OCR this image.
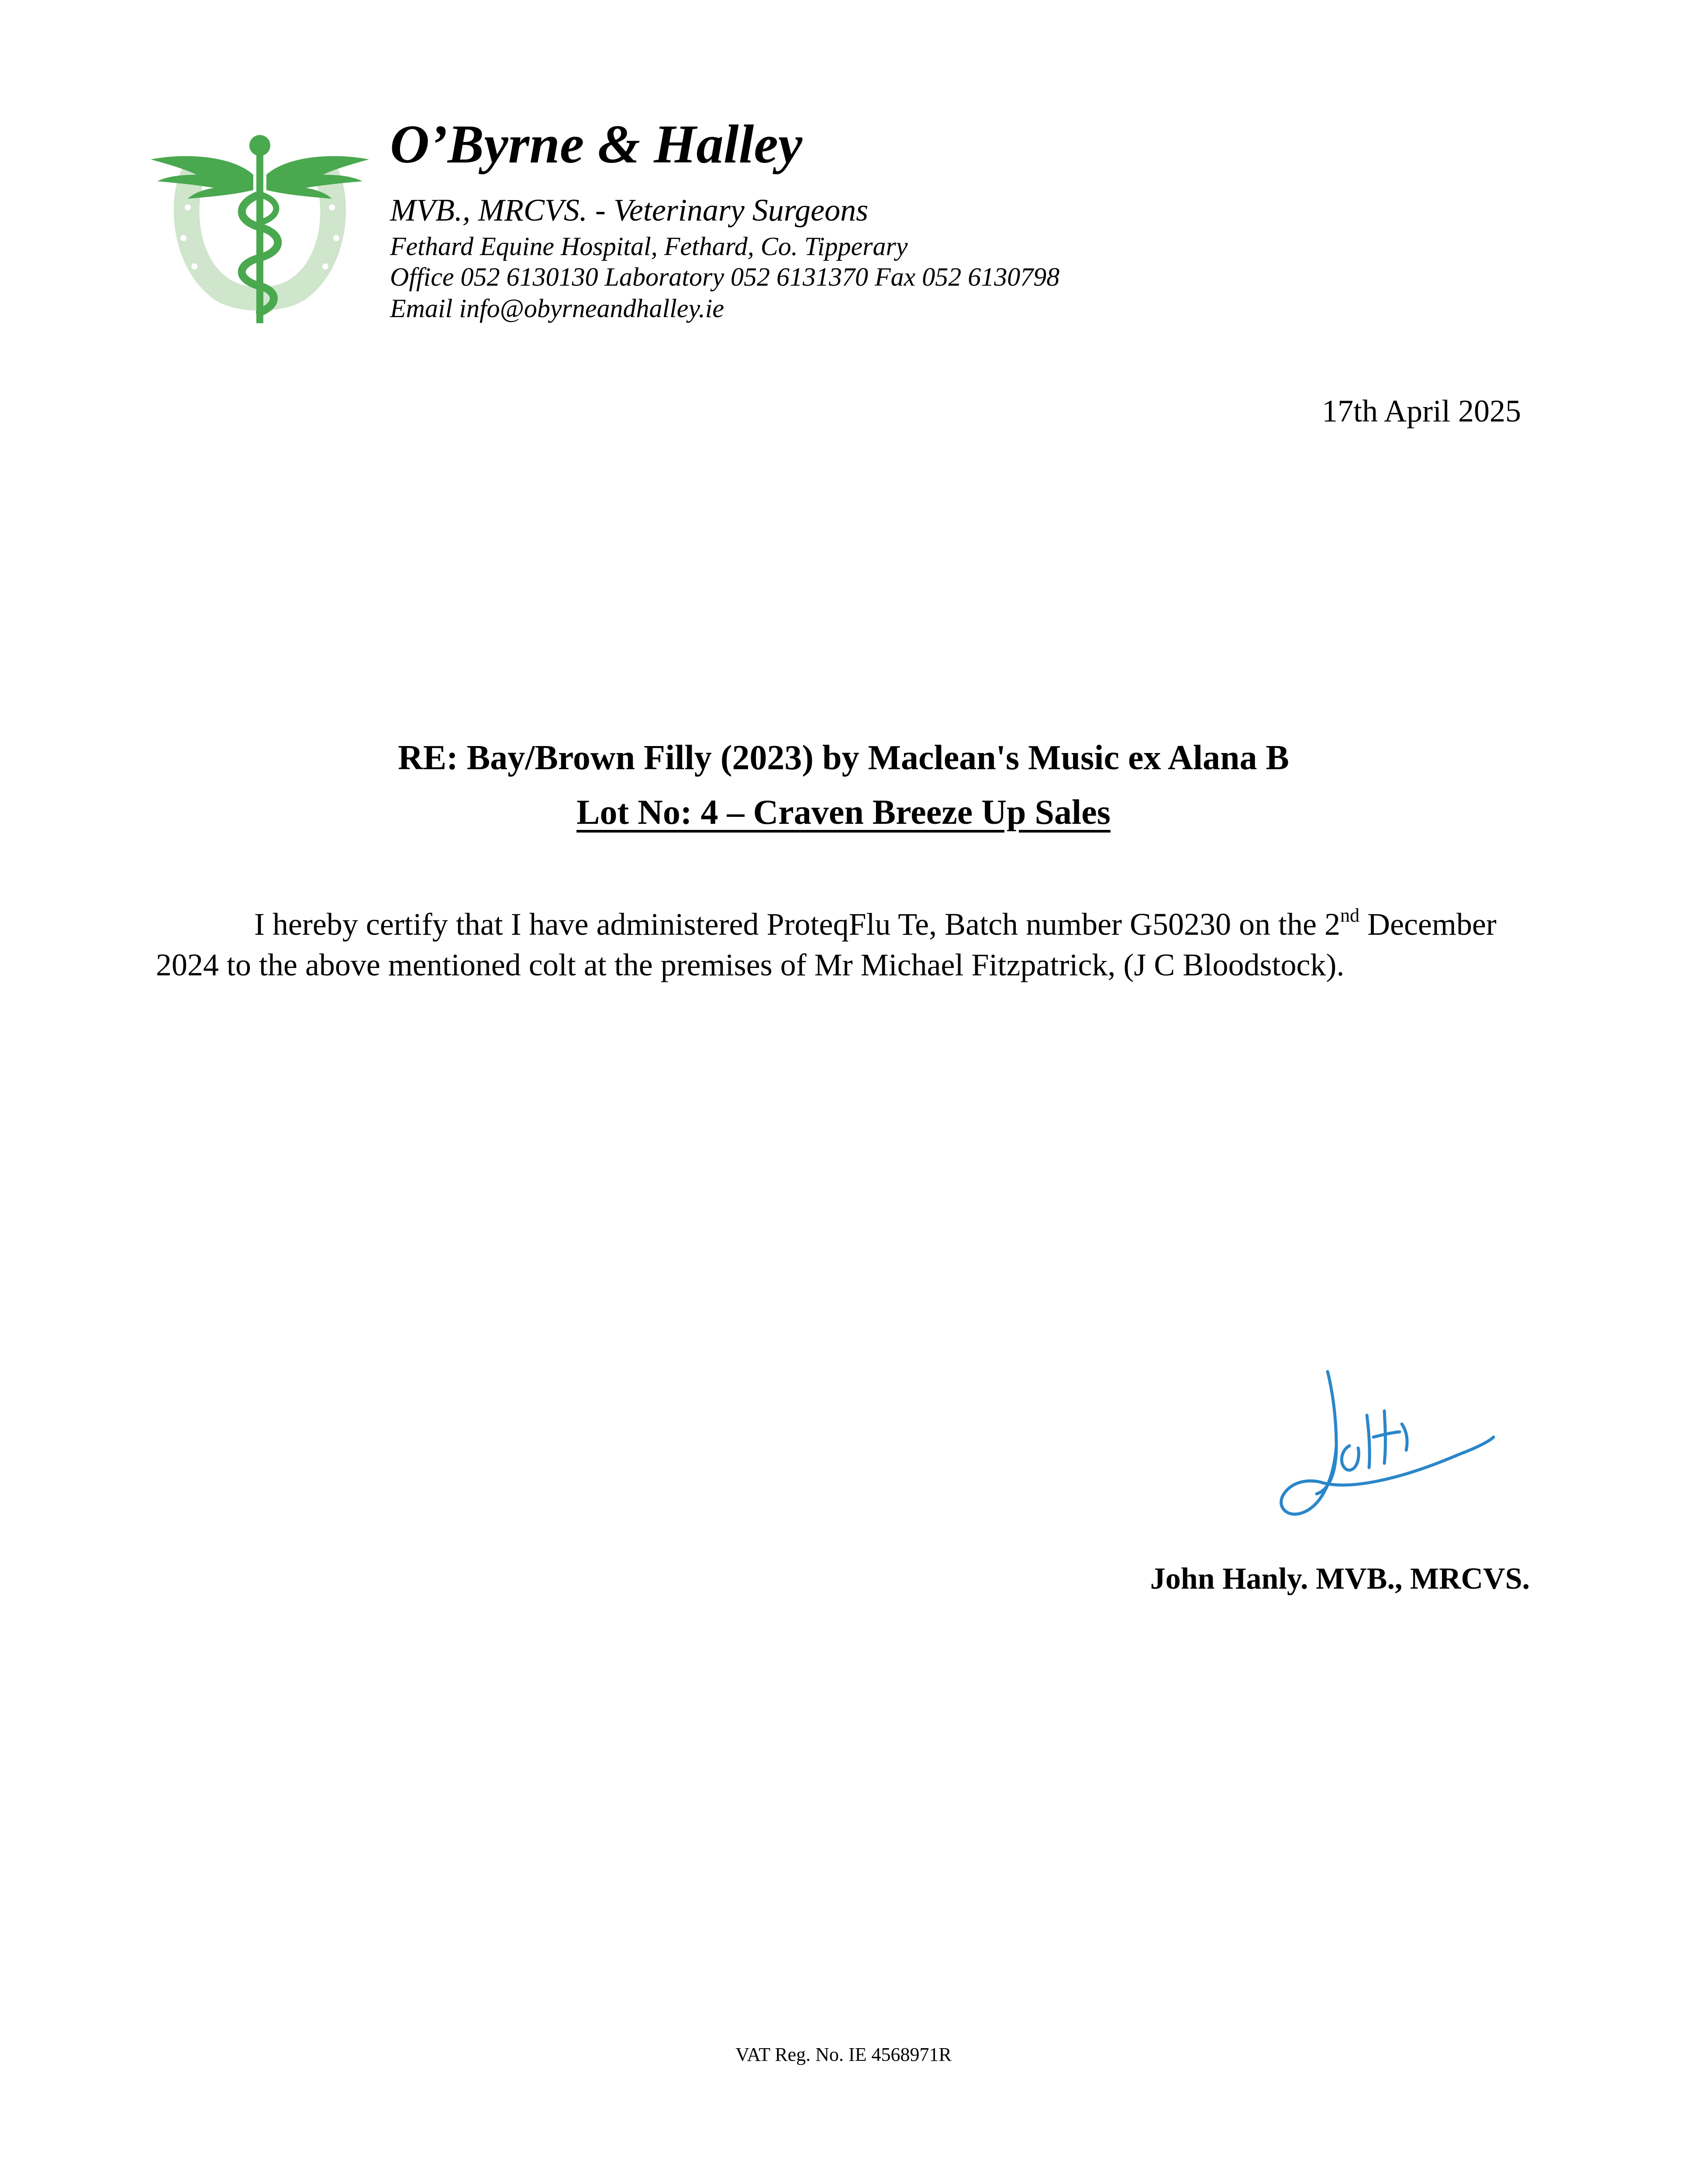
O’Byrne & Halley
MVB., MRCVS. - Veterinary Surgeons
Fethard Equine Hospital, Fethard, Co. Tipperary
Office 052 6130130 Laboratory 052 6131370 Fax 052 6130798
Email info@obyrneandhalley.ie
17th April 2025
RE: Bay/Brown Filly (2023) by Maclean's Music ex Alana B
Lot No: 4 – Craven Breeze Up Sales
I hereby certify that I have administered ProteqFlu Te, Batch number G50230 on the 2nd December 2024 to the above mentioned colt at the premises of Mr Michael Fitzpatrick, (J C Bloodstock).
John Hanly. MVB., MRCVS.
VAT Reg. No. IE 4568971R
